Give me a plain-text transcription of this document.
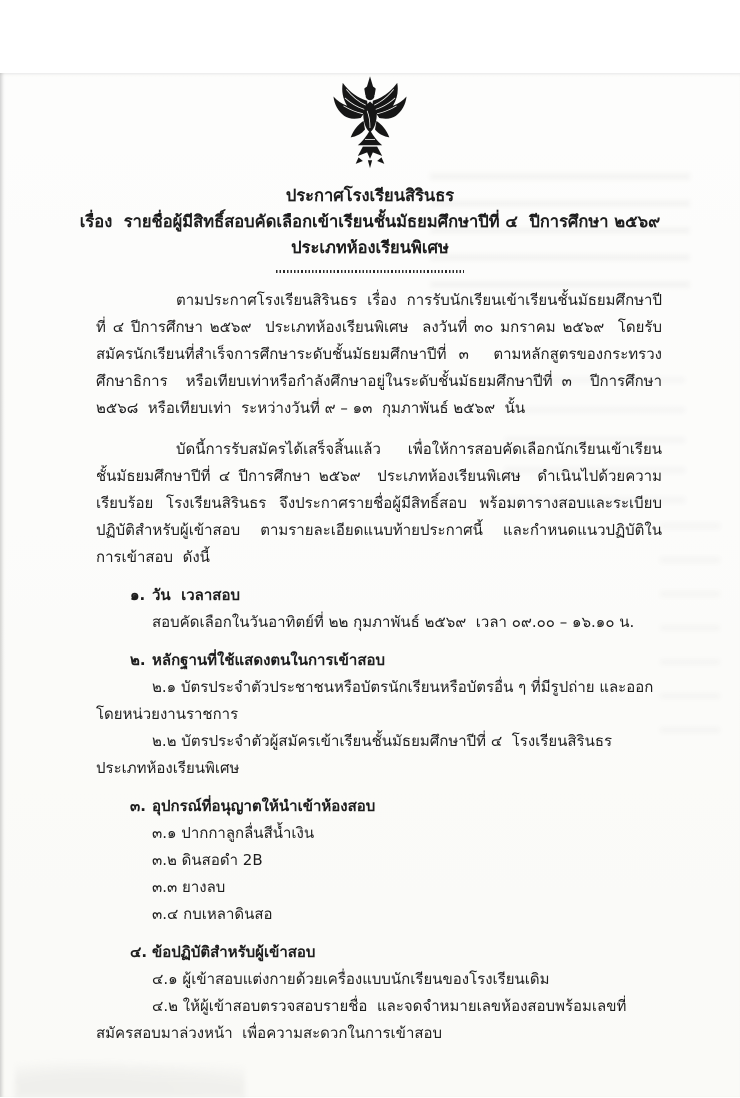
ประกาศโรงเรียนสิรินธร
เรื่อง  รายชื่อผู้มีสิทธิ์สอบคัดเลือกเข้าเรียนชั้นมัธยมศึกษาปีที่ ๔  ปีการศึกษา ๒๕๖๙
ประเภทห้องเรียนพิเศษ

ตามประกาศโรงเรียนสิรินธร  เรื่อง  การรับนักเรียนเข้าเรียนชั้นมัธยมศึกษาปีที่ ๔ ปีการศึกษา ๒๕๖๙  ประเภทห้องเรียนพิเศษ  ลงวันที่ ๓๐ มกราคม ๒๕๖๙  โดยรับสมัครนักเรียนที่สำเร็จการศึกษาระดับชั้นมัธยมศึกษาปีที่ ๓  ตามหลักสูตรของกระทรวงศึกษาธิการ  หรือเทียบเท่าหรือกำลังศึกษาอยู่ในระดับชั้นมัธยมศึกษาปีที่ ๓  ปีการศึกษา ๒๕๖๘  หรือเทียบเท่า  ระหว่างวันที่ ๙ – ๑๓  กุมภาพันธ์ ๒๕๖๙  นั้น

บัดนี้การรับสมัครได้เสร็จสิ้นแล้ว  เพื่อให้การสอบคัดเลือกนักเรียนเข้าเรียนชั้นมัธยมศึกษาปีที่ ๔ ปีการศึกษา ๒๕๖๙  ประเภทห้องเรียนพิเศษ  ดำเนินไปด้วยความเรียบร้อย  โรงเรียนสิรินธร  จึงประกาศรายชื่อผู้มีสิทธิ์สอบ  พร้อมตารางสอบและระเบียบปฏิบัติสำหรับผู้เข้าสอบ  ตามรายละเอียดแนบท้ายประกาศนี้  และกำหนดแนวปฏิบัติในการเข้าสอบ  ดังนี้

๑. วัน  เวลาสอบ

สอบคัดเลือกในวันอาทิตย์ที่ ๒๒ กุมภาพันธ์ ๒๕๖๙  เวลา ๐๙.๐๐ – ๑๖.๑๐ น.

๒. หลักฐานที่ใช้แสดงตนในการเข้าสอบ

๒.๑ บัตรประจำตัวประชาชนหรือบัตรนักเรียนหรือบัตรอื่น ๆ ที่มีรูปถ่าย และออกโดยหน่วยงานราชการ

๒.๒ บัตรประจำตัวผู้สมัครเข้าเรียนชั้นมัธยมศึกษาปีที่ ๔  โรงเรียนสิรินธร ประเภทห้องเรียนพิเศษ

๓. อุปกรณ์ที่อนุญาตให้นำเข้าห้องสอบ

๓.๑ ปากกาลูกลื่นสีน้ำเงิน

๓.๒ ดินสอดำ 2B

๓.๓ ยางลบ

๓.๔ กบเหลาดินสอ

๔. ข้อปฏิบัติสำหรับผู้เข้าสอบ

๔.๑ ผู้เข้าสอบแต่งกายด้วยเครื่องแบบนักเรียนของโรงเรียนเดิม

๔.๒ ให้ผู้เข้าสอบตรวจสอบรายชื่อ  และจดจำหมายเลขห้องสอบพร้อมเลขที่สมัครสอบมาล่วงหน้า  เพื่อความสะดวกในการเข้าสอบ
